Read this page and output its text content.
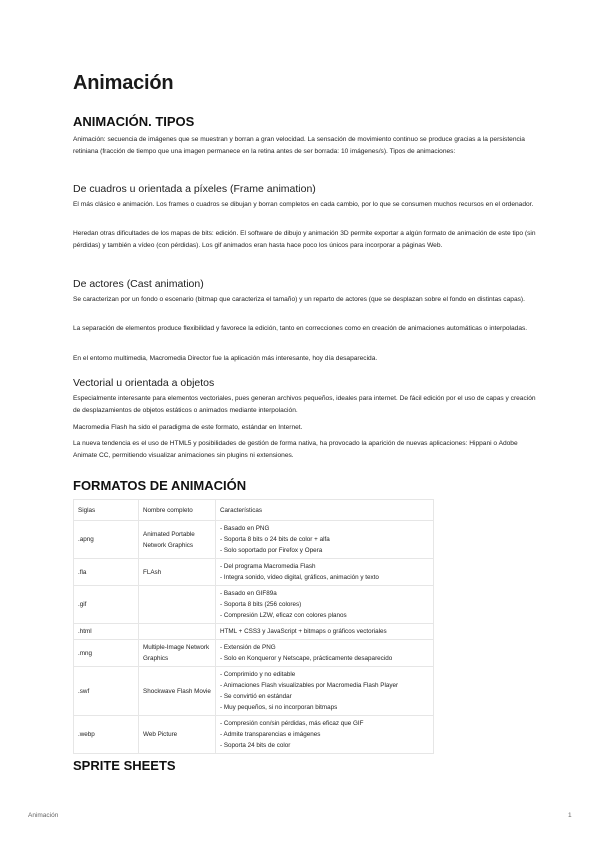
Animación
ANIMACIÓN. TIPOS

Animación: secuencia de imágenes que se muestran y borran a gran velocidad. La sensación de movimiento continuo se produce gracias a la persistencia retiniana (fracción de tiempo que una imagen permanece en la retina antes de ser borrada: 10 imágenes/s). Tipos de animaciones:

De cuadros u orientada a píxeles (Frame animation)

El más clásico e animación. Los frames o cuadros se dibujan y borran completos en cada cambio, por lo que se consumen muchos recursos en el ordenador.

Heredan otras dificultades de los mapas de bits: edición. El software de dibujo y animación 3D permite exportar a algún formato de animación de este tipo (sin pérdidas) y también a vídeo (con pérdidas). Los gif animados eran hasta hace poco los únicos para incorporar a páginas Web.

De actores (Cast animation)

Se caracterizan por un fondo o escenario (bitmap que caracteriza el tamaño) y un reparto de actores (que se desplazan sobre el fondo en distintas capas).

La separación de elementos produce flexibilidad y favorece la edición, tanto en correcciones como en creación de animaciones automáticas o interpoladas.

En el entorno multimedia, Macromedia Director fue la aplicación más interesante, hoy día desaparecida.

Vectorial u orientada a objetos

Especialmente interesante para elementos vectoriales, pues generan archivos pequeños, ideales para internet. De fácil edición por el uso de capas y creación de desplazamientos de objetos estáticos o animados mediante interpolación.

Macromedia Flash ha sido el paradigma de este formato, estándar en Internet.

La nueva tendencia es el uso de HTML5 y posibilidades de gestión de forma nativa, ha provocado la aparición de nuevas aplicaciones: Hippani o Adobe Animate CC, permitiendo visualizar animaciones sin plugins ni extensiones.

FORMATOS DE ANIMACIÓN
Siglas	Nombre completo	Características
.apng	Animated Portable Network Graphics	- Basado en PNG
- Soporta 8 bits o 24 bits de color + alfa
- Solo soportado por Firefox y Opera

.fla	FLAsh	- Del programa Macromedia Flash
- Integra sonido, vídeo digital, gráficos, animación y texto

.gif		- Basado en GIF89a
- Soporta 8 bits (256 colores)
- Compresión LZW, eficaz con colores planos

.html		HTML + CSS3 y JavaScript + bitmaps o gráficos vectoriales

.mng	Multiple-Image Network Graphics	- Extensión de PNG
- Solo en Konqueror y Netscape, prácticamente desaparecido

.swf	Shockwave Flash Movie	- Comprimido y no editable
- Animaciones Flash visualizables por Macromedia Flash Player
- Se convirtió en estándar
- Muy pequeños, si no incorporan bitmaps

.webp	Web Picture	- Compresión con/sin pérdidas, más eficaz que GIF
- Admite transparencias e imágenes
- Soporta 24 bits de color
SPRITE SHEETS
Animación	1
